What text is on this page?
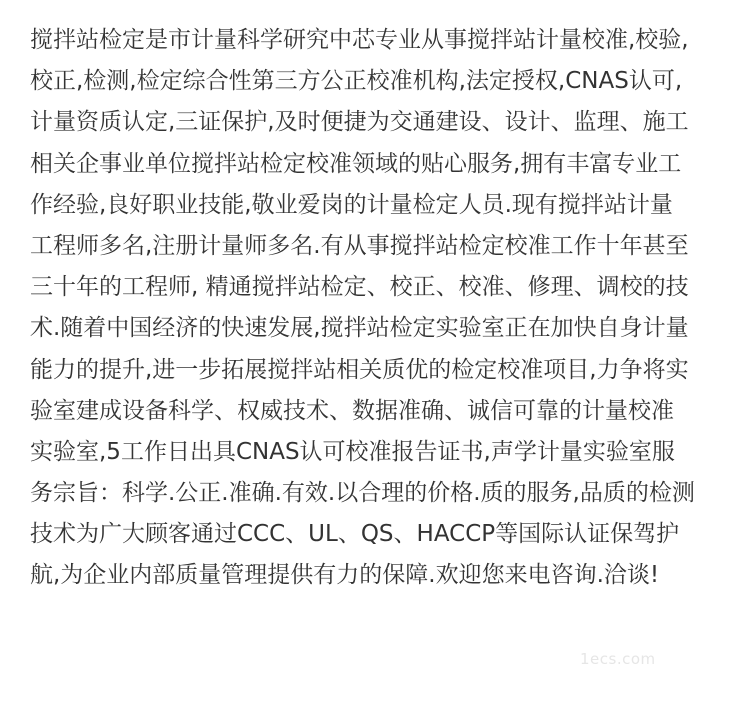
搅拌站检定是市计量科学研究中芯专业从事搅拌站计量校准,校验,
校正,检测,检定综合性第三方公正校准机构,法定授权,CNAS认可,
计量资质认定,三证保护,及时便捷为交通建设、设计、监理、施工
相关企事业单位搅拌站检定校准领域的贴心服务,拥有丰富专业工
作经验,良好职业技能,敬业爱岗的计量检定人员.现有搅拌站计量
工程师多名,注册计量师多名.有从事搅拌站检定校准工作十年甚至
三十年的工程师, 精通搅拌站检定、校正、校准、修理、调校的技
术.随着中国经济的快速发展,搅拌站检定实验室正在加快自身计量
能力的提升,进一步拓展搅拌站相关质优的检定校准项目,力争将实
验室建成设备科学、权威技术、数据准确、诚信可靠的计量校准
实验室,5工作日出具CNAS认可校准报告证书,声学计量实验室服
务宗旨：科学.公正.准确.有效.以合理的价格.质的服务,品质的检测
技术为广大顾客通过CCC、UL、QS、HACCP等国际认证保驾护
航,为企业内部质量管理提供有力的保障.欢迎您来电咨询.洽谈!
1ecs.com
